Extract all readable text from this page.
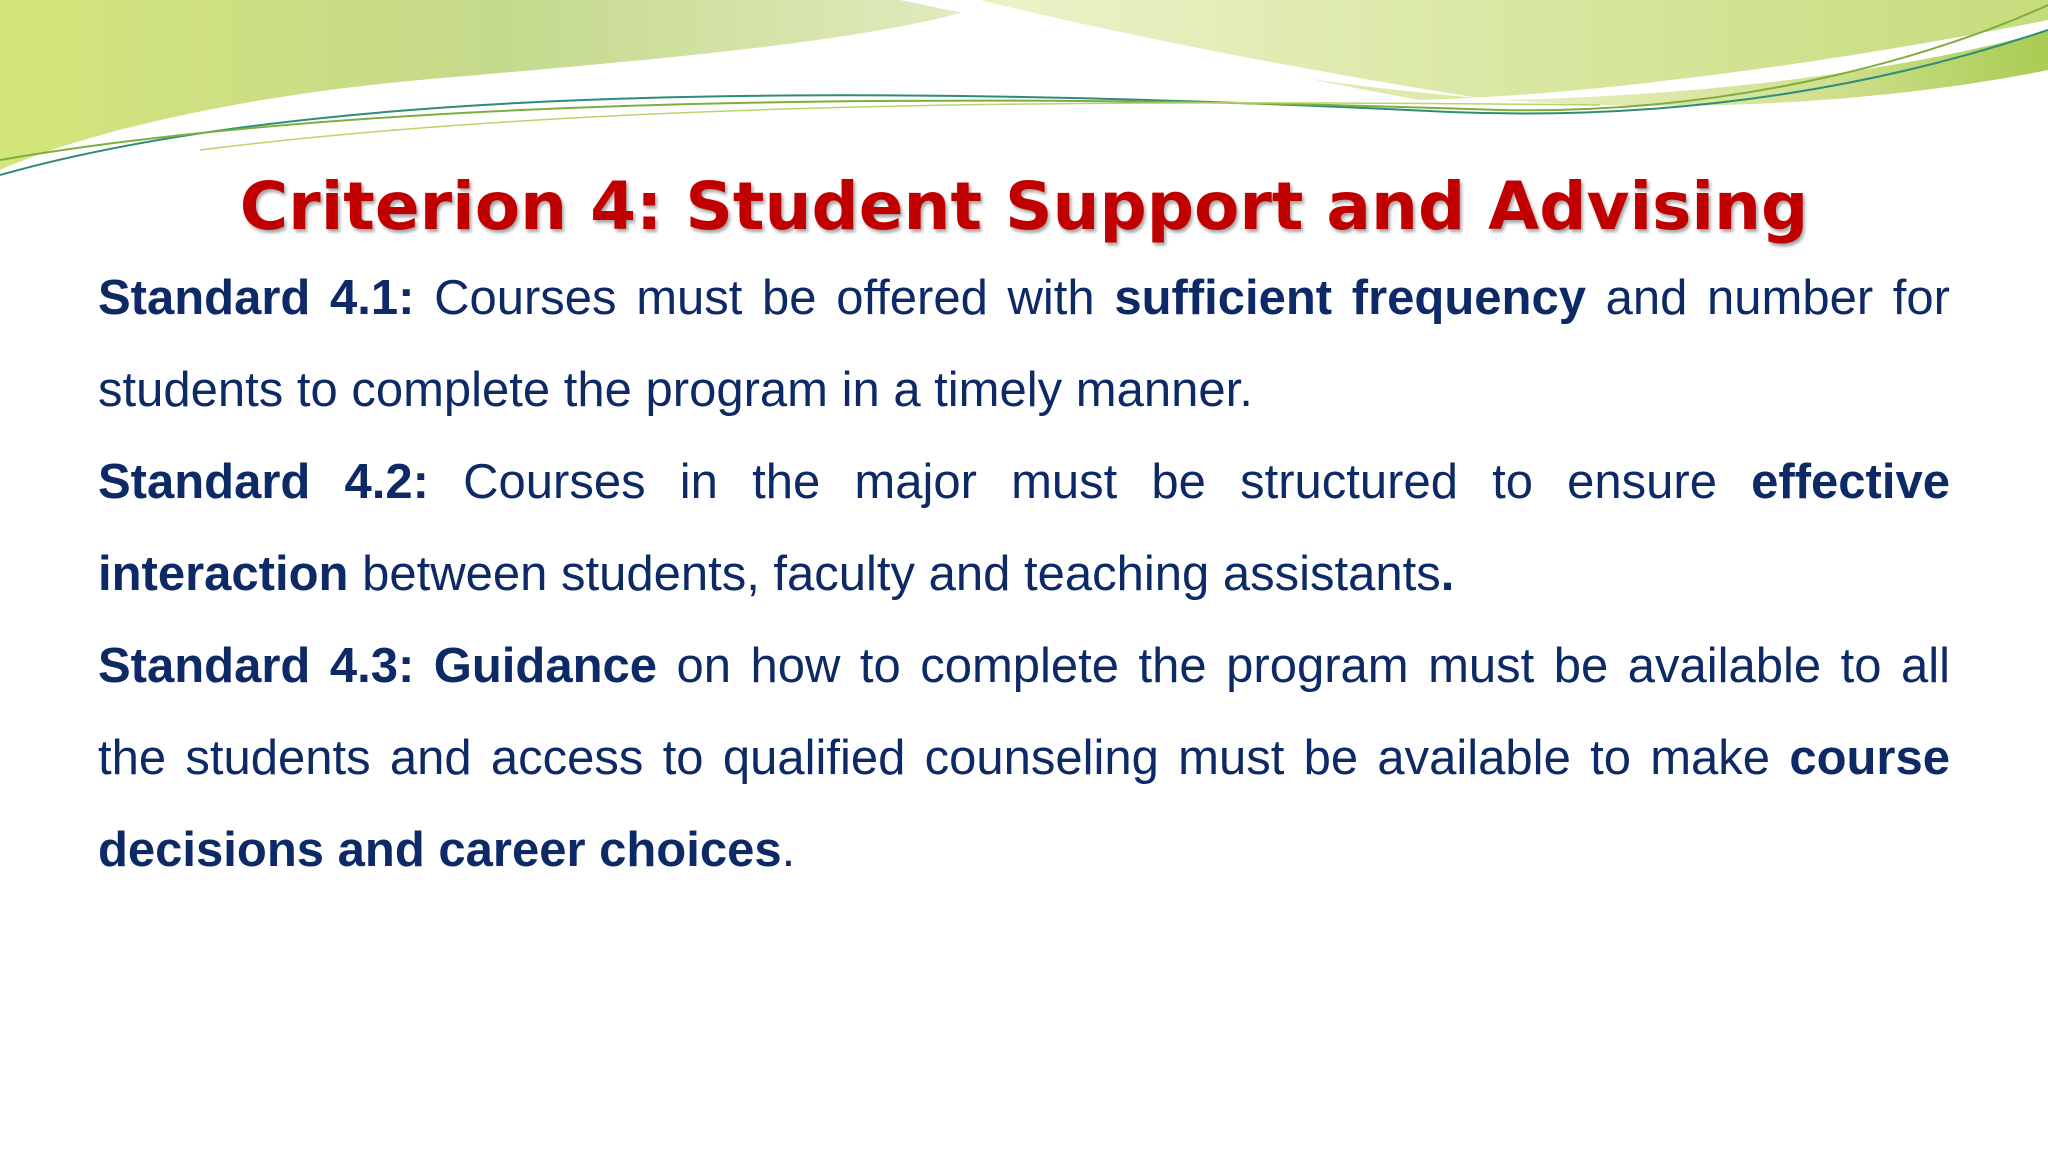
Criterion 4: Student Support and Advising

Standard 4.1: Courses must be offered with sufficient frequency and number for students to complete the program in a timely manner.

Standard 4.2: Courses in the major must be structured to ensure effective interaction between students, faculty and teaching assistants.

Standard 4.3: Guidance on how to complete the program must be available to all the students and access to qualified counseling must be available to make course decisions and career choices.
